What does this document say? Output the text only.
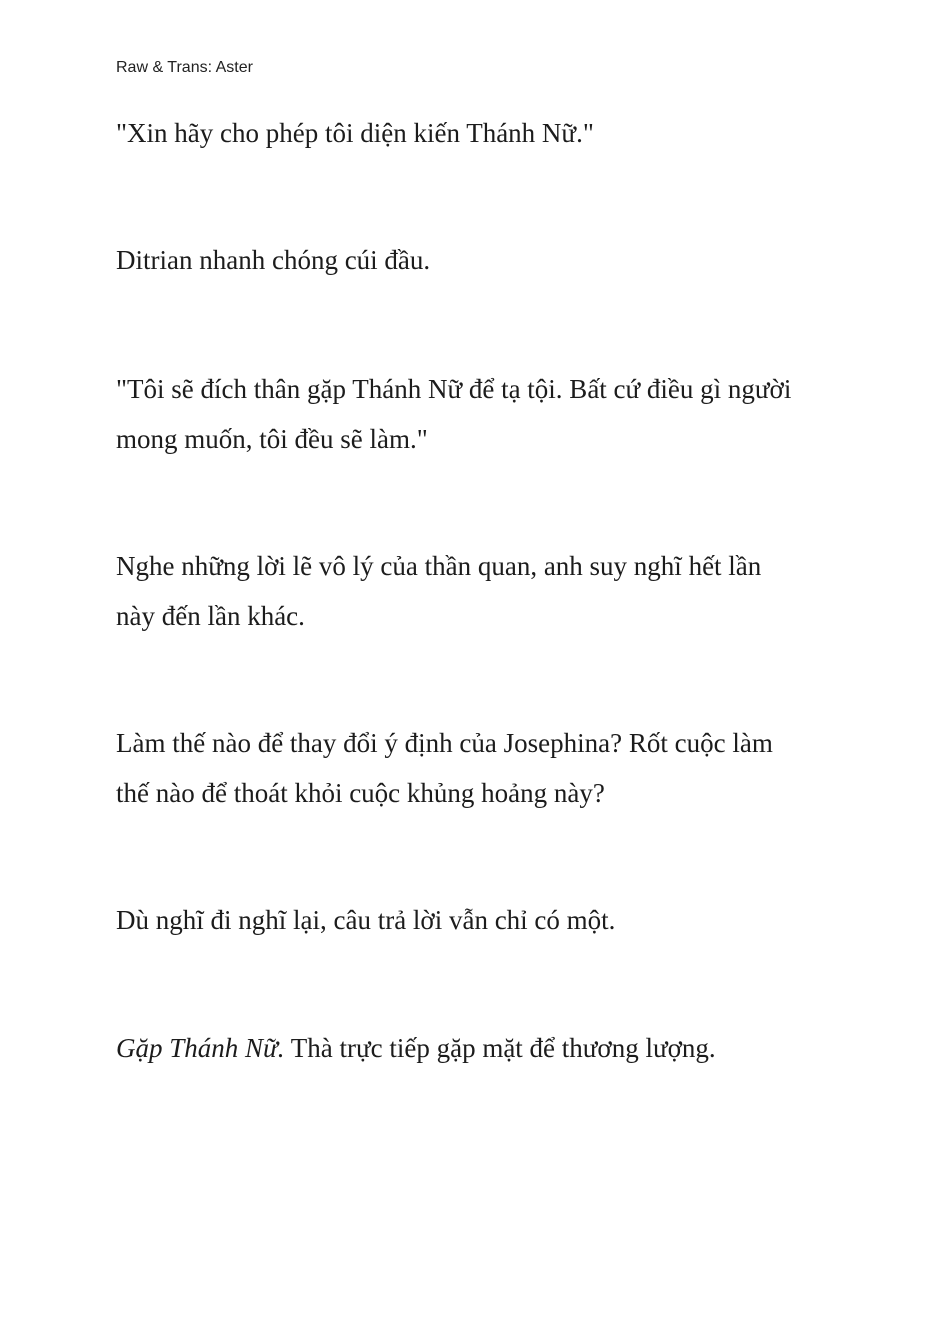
Raw & Trans: Aster
"Xin hãy cho phép tôi diện kiến Thánh Nữ."
Ditrian nhanh chóng cúi đầu.
"Tôi sẽ đích thân gặp Thánh Nữ để tạ tội. Bất cứ điều gì người
mong muốn, tôi đều sẽ làm."
Nghe những lời lẽ vô lý của thần quan, anh suy nghĩ hết lần
này đến lần khác.
Làm thế nào để thay đổi ý định của Josephina? Rốt cuộc làm
thế nào để thoát khỏi cuộc khủng hoảng này?
Dù nghĩ đi nghĩ lại, câu trả lời vẫn chỉ có một.
Gặp Thánh Nữ. Thà trực tiếp gặp mặt để thương lượng.
